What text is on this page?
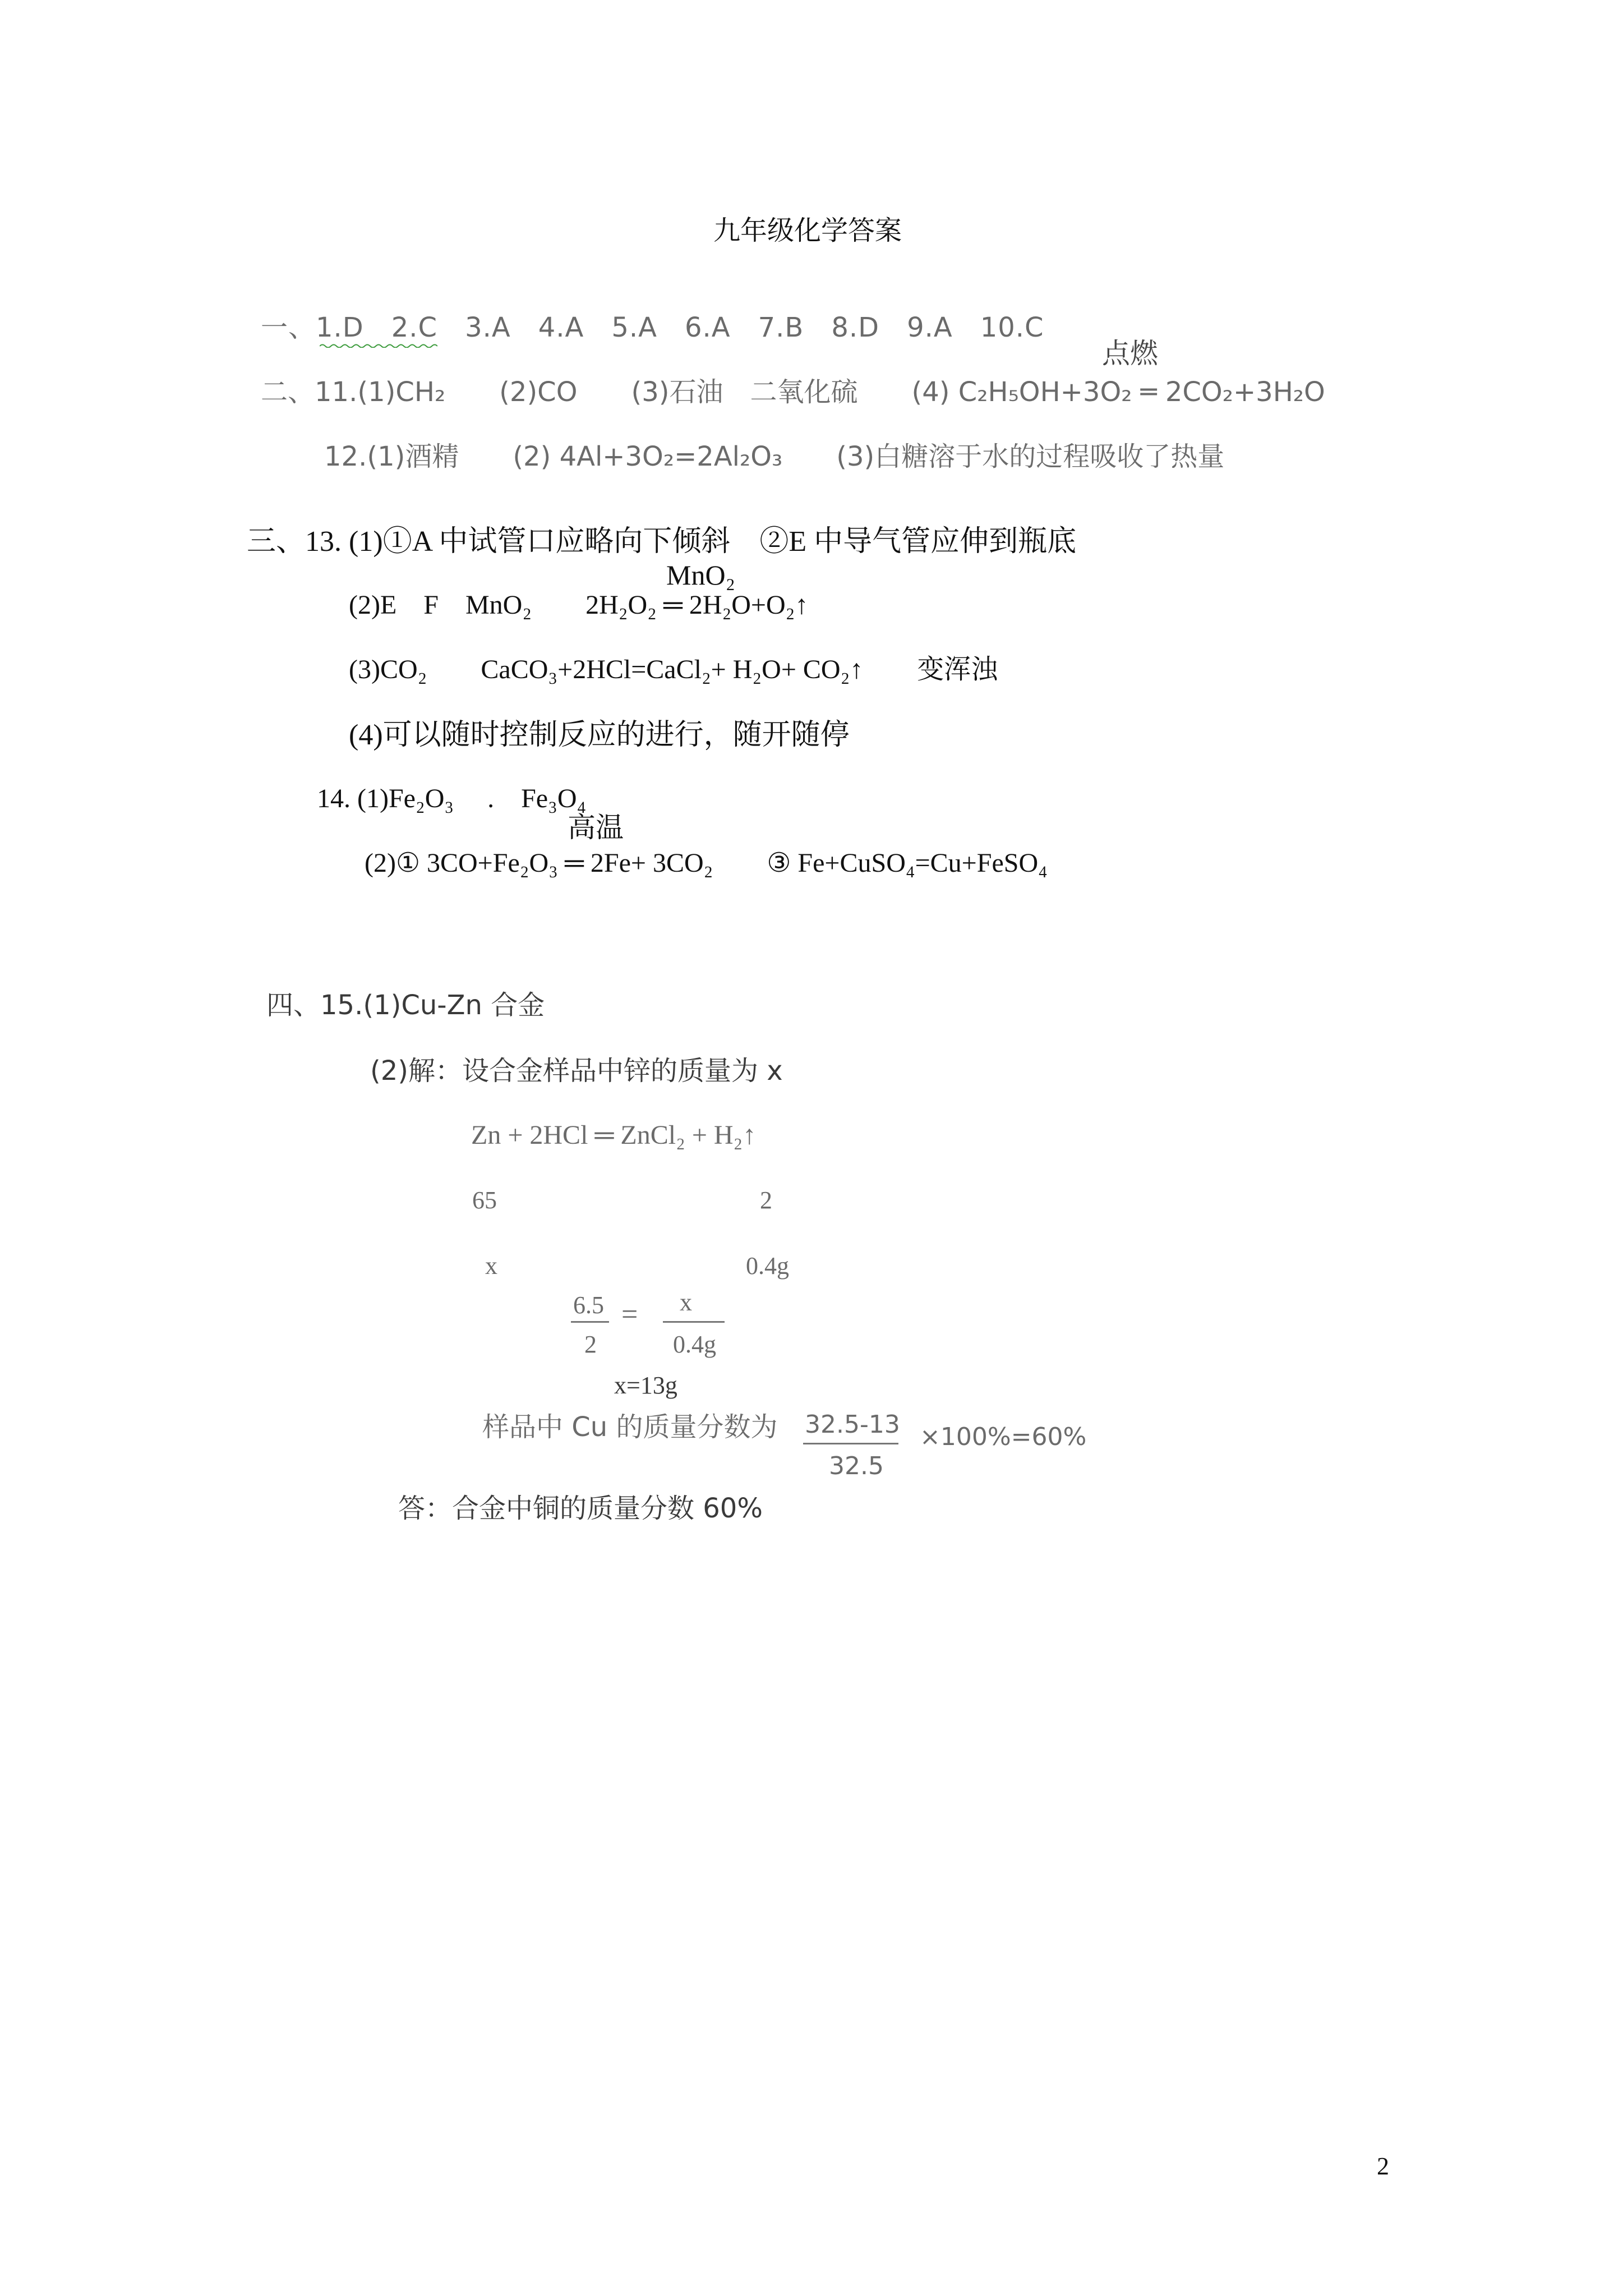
九年级化学答案
一、1.D　2.C　3.A　4.A　5.A　6.A　7.B　8.D　9.A　10.C
点燃
二、11.(1)CH₂　　(2)CO　　(3)石油　二氧化硫　　(4) C₂H₅OH+3O₂ ═ 2CO₂+3H₂O
12.(1)酒精　　(2) 4Al+3O₂=2Al₂O₃　　(3)白糖溶于水的过程吸收了热量
三、13. (1)①A 中试管口应略向下倾斜　②E 中导气管应伸到瓶底
MnO₂
(2)E　F　MnO₂　　2H₂O₂ ═ 2H₂O+O₂↑
(3)CO₂　　CaCO₃+2HCl=CaCl₂+ H₂O+ CO₂↑　　变浑浊
(4)可以随时控制反应的进行，随开随停
14. (1)Fe₂O₃　 .　Fe₃O₄
高温
(2)① 3CO+Fe₂O₃ ═ 2Fe+ 3CO₂　　③ Fe+CuSO₄=Cu+FeSO₄
四、15.(1)Cu-Zn 合金
(2)解：设合金样品中锌的质量为 x
Zn + 2HCl ═ ZnCl₂ + H₂↑
65	2
x	0.4g
6.5
2
= x
0.4g
x=13g
样品中 Cu 的质量分数为 32.5-13
32.5
×100%=60%
答：合金中铜的质量分数 60%
2
